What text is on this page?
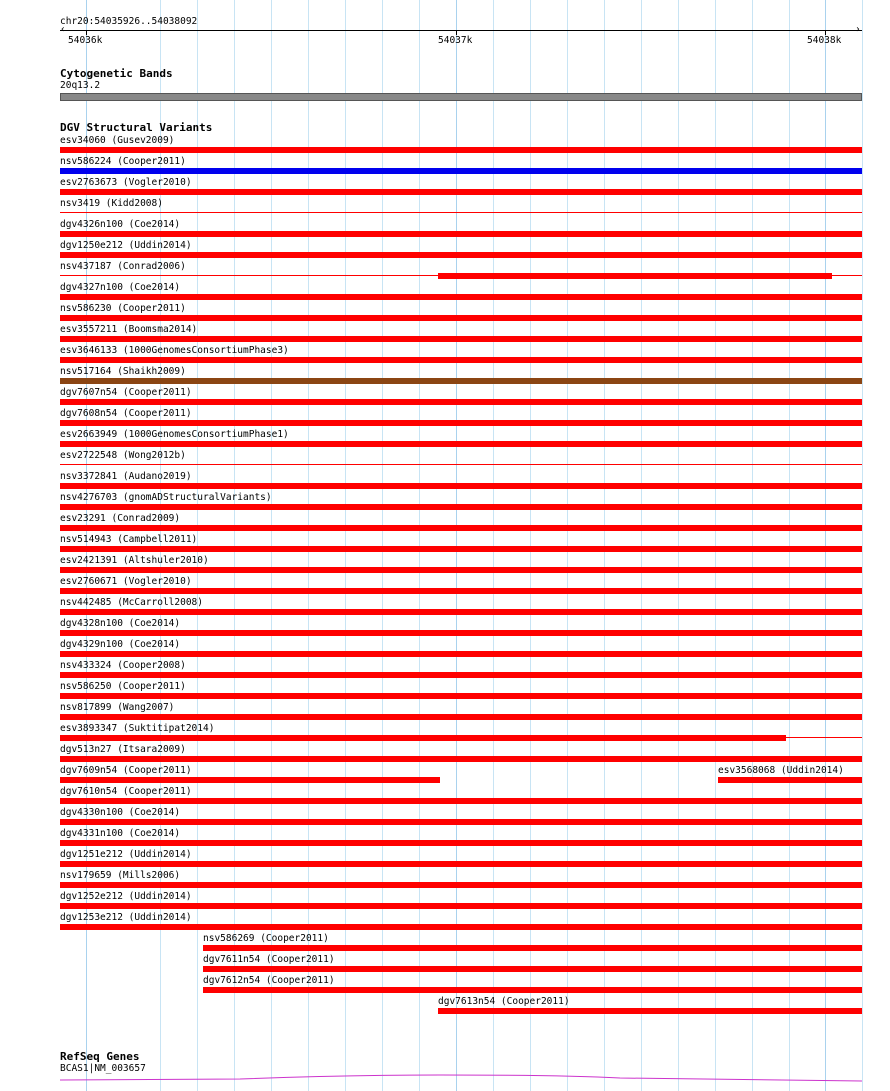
chr20:54035926..54038092
‹	›
54036k	54037k	54038k
Cytogenetic Bands
20q13.2
DGV Structural Variants
esv34060 (Gusev2009)
nsv586224 (Cooper2011)
esv2763673 (Vogler2010)
nsv3419 (Kidd2008)
dgv4326n100 (Coe2014)
dgv1250e212 (Uddin2014)
nsv437187 (Conrad2006)
dgv4327n100 (Coe2014)
nsv586230 (Cooper2011)
esv3557211 (Boomsma2014)
esv3646133 (1000GenomesConsortiumPhase3)
nsv517164 (Shaikh2009)
dgv7607n54 (Cooper2011)
dgv7608n54 (Cooper2011)
esv2663949 (1000GenomesConsortiumPhase1)
esv2722548 (Wong2012b)
nsv3372841 (Audano2019)
nsv4276703 (gnomADStructuralVariants)
esv23291 (Conrad2009)
nsv514943 (Campbell2011)
esv2421391 (Altshuler2010)
esv2760671 (Vogler2010)
nsv442485 (McCarroll2008)
dgv4328n100 (Coe2014)
dgv4329n100 (Coe2014)
nsv433324 (Cooper2008)
nsv586250 (Cooper2011)
nsv817899 (Wang2007)
esv3893347 (Suktitipat2014)
dgv513n27 (Itsara2009)
dgv7609n54 (Cooper2011)	esv3568068 (Uddin2014)
dgv7610n54 (Cooper2011)
dgv4330n100 (Coe2014)
dgv4331n100 (Coe2014)
dgv1251e212 (Uddin2014)
nsv179659 (Mills2006)
dgv1252e212 (Uddin2014)
dgv1253e212 (Uddin2014)
nsv586269 (Cooper2011)
dgv7611n54 (Cooper2011)
dgv7612n54 (Cooper2011)
dgv7613n54 (Cooper2011)
RefSeq Genes
BCAS1|NM_003657
